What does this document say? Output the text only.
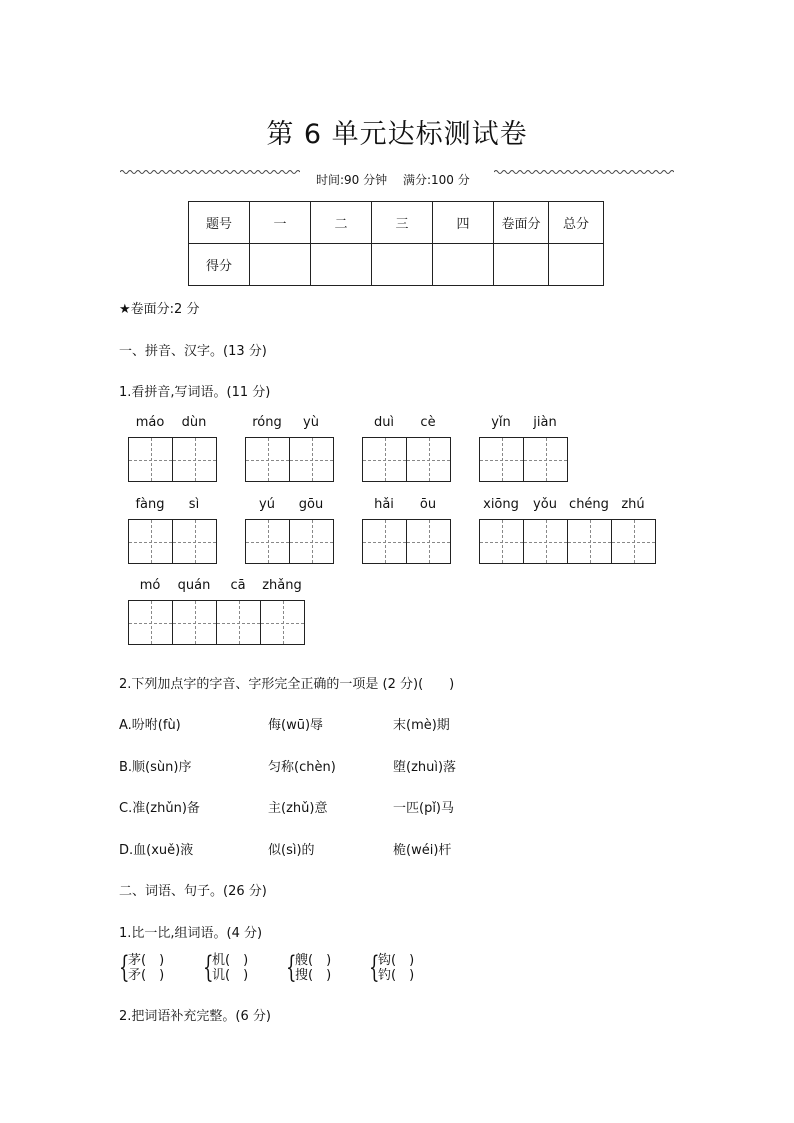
第 6 单元达标测试卷
时间:90 分钟 满分:100 分
题号	一	二	三	四	卷面分	总分
得分						
★卷面分:2 分
一、拼音、汉字。(13 分)
1.看拼音,写词语。(11 分)
máo	dùn	róng	yù	duì	cè	yǐn	jiàn
fàng	sì	yú	gōu	hǎi	ōu	xiōng	yǒu chéng zhú
mó	quán	cā	zhǎng
2.下列加点字的字音、字形完全正确的一项是 (2 分)(　　)
A.吩咐(fù)	侮(wū)辱	末(mè)期
B.顺(sùn)序	匀称(chèn)	堕(zhuì)落
C.准(zhǔn)备	主(zhǔ)意	一匹(pǐ)马
D.血(xuě)液	似(sì)的	桅(wéi)杆
二、词语、句子。(26 分)
1.比一比,组词语。(4 分)
{
茅(　)
矛(　) {
机(　)
讥(　) {
艘(　)
搜(　) {
钩(　)
钓(　)
2.把词语补充完整。(6 分)
